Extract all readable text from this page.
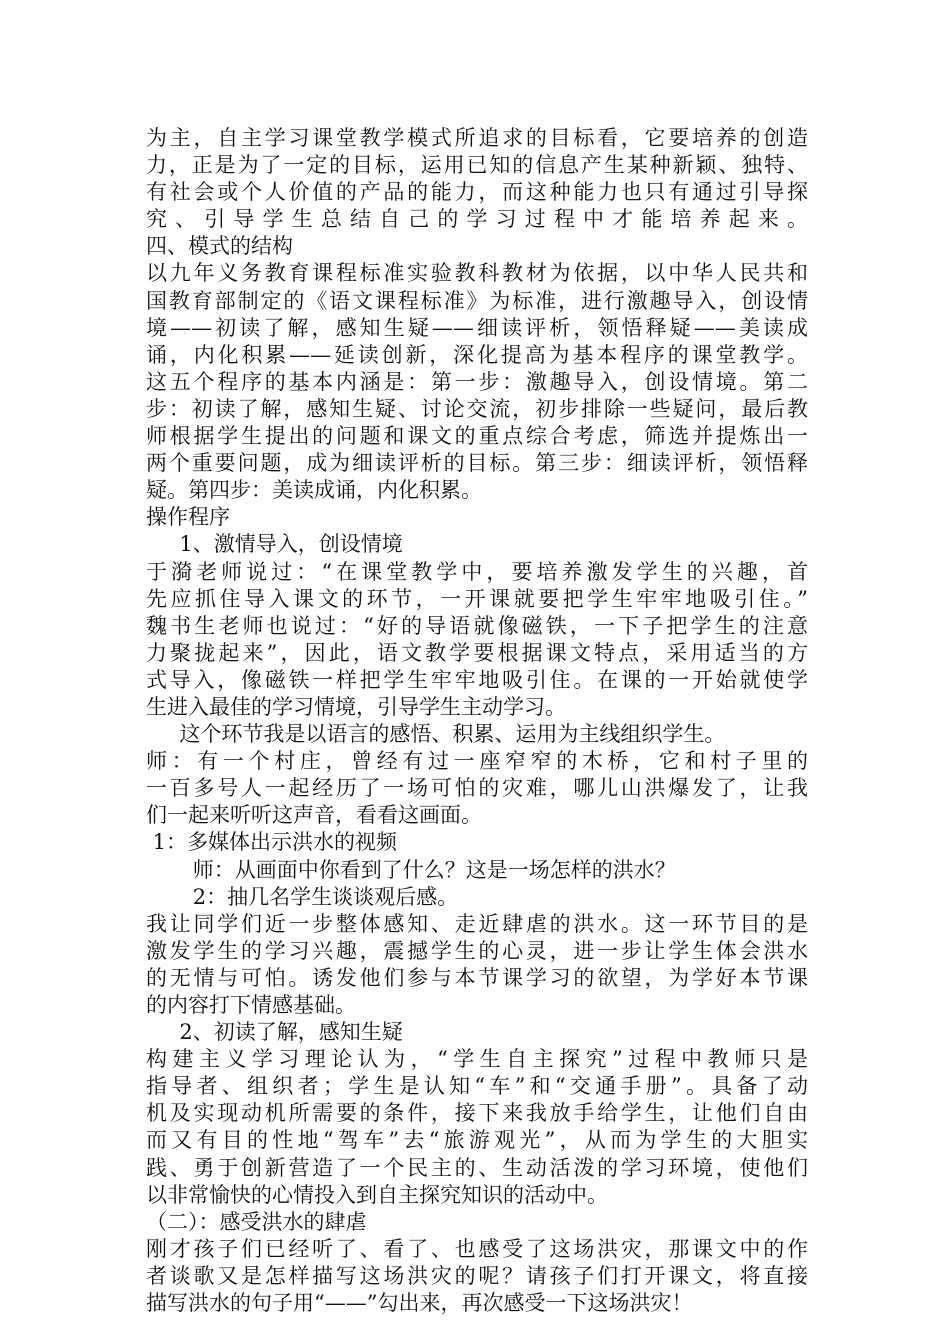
为主，自主学习课堂教学模式所追求的目标看，它要培养的创造
力，正是为了一定的目标，运用已知的信息产生某种新颖、独特、
有社会或个人价值的产品的能力，而这种能力也只有通过引导探
究、引导学生总结自己的学习过程中才能培养起来。
四、模式的结构
以九年义务教育课程标准实验教科教材为依据，以中华人民共和
国教育部制定的《语文课程标准》为标准，进行激趣导入，创设情
境——初读了解，感知生疑——细读评析，领悟释疑——美读成
诵，内化积累——延读创新，深化提高为基本程序的课堂教学。
这五个程序的基本内涵是：第一步：激趣导入，创设情境。第二
步：初读了解，感知生疑、讨论交流，初步排除一些疑问，最后教
师根据学生提出的问题和课文的重点综合考虑，筛选并提炼出一
两个重要问题，成为细读评析的目标。第三步：细读评析，领悟释
疑。第四步：美读成诵，内化积累。
操作程序
1、激情导入，创设情境
于漪老师说过：“在课堂教学中，要培养激发学生的兴趣，首
先应抓住导入课文的环节，一开课就要把学生牢牢地吸引住。”
魏书生老师也说过：“好的导语就像磁铁，一下子把学生的注意
力聚拢起来”，因此，语文教学要根据课文特点，采用适当的方
式导入，像磁铁一样把学生牢牢地吸引住。在课的一开始就使学
生进入最佳的学习情境，引导学生主动学习。
这个环节我是以语言的感悟、积累、运用为主线组织学生。
师：有一个村庄，曾经有过一座窄窄的木桥，它和村子里的
一百多号人一起经历了一场可怕的灾难，哪儿山洪爆发了，让我
们一起来听听这声音，看看这画面。
1：多媒体出示洪水的视频
师：从画面中你看到了什么？这是一场怎样的洪水？
2：抽几名学生谈谈观后感。
我让同学们近一步整体感知、走近肆虐的洪水。这一环节目的是
激发学生的学习兴趣，震撼学生的心灵，进一步让学生体会洪水
的无情与可怕。诱发他们参与本节课学习的欲望，为学好本节课
的内容打下情感基础。
2、初读了解，感知生疑
构建主义学习理论认为，“学生自主探究”过程中教师只是
指导者、组织者；学生是认知“车”和“交通手册”。具备了动
机及实现动机所需要的条件，接下来我放手给学生，让他们自由
而又有目的性地“驾车”去“旅游观光”，从而为学生的大胆实
践、勇于创新营造了一个民主的、生动活泼的学习环境，使他们
以非常愉快的心情投入到自主探究知识的活动中。
（二）：感受洪水的肆虐
刚才孩子们已经听了、看了、也感受了这场洪灾，那课文中的作
者谈歌又是怎样描写这场洪灾的呢？请孩子们打开课文，将直接
描写洪水的句子用“——”勾出来，再次感受一下这场洪灾！
